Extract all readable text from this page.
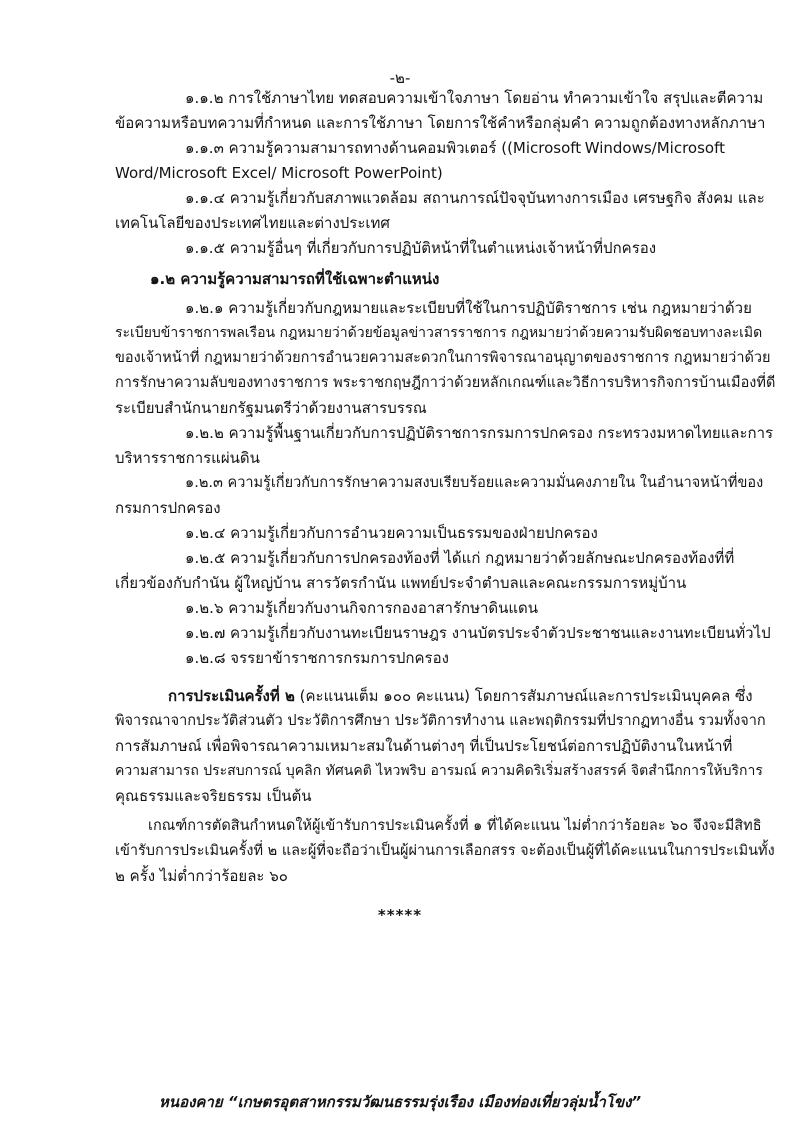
-๒-
๑.๑.๒ การใช้ภาษาไทย ทดสอบความเข้าใจภาษา โดยอ่าน ทำความเข้าใจ สรุปและตีความ
ข้อความหรือบทความที่กำหนด และการใช้ภาษา โดยการใช้คำหรือกลุ่มคำ ความถูกต้องทางหลักภาษา
๑.๑.๓ ความรู้ความสามารถทางด้านคอมพิวเตอร์ ((Microsoft Windows/Microsoft
Word/Microsoft Excel/ Microsoft PowerPoint)
๑.๑.๔ ความรู้เกี่ยวกับสภาพแวดล้อม สถานการณ์ปัจจุบันทางการเมือง เศรษฐกิจ สังคม และ
เทคโนโลยีของประเทศไทยและต่างประเทศ
๑.๑.๕ ความรู้อื่นๆ ที่เกี่ยวกับการปฏิบัติหน้าที่ในตำแหน่งเจ้าหน้าที่ปกครอง
๑.๒ ความรู้ความสามารถที่ใช้เฉพาะตำแหน่ง
๑.๒.๑ ความรู้เกี่ยวกับกฎหมายและระเบียบที่ใช้ในการปฏิบัติราชการ เช่น กฎหมายว่าด้วย
ระเบียบข้าราชการพลเรือน กฎหมายว่าด้วยข้อมูลข่าวสารราชการ กฎหมายว่าด้วยความรับผิดชอบทางละเมิด
ของเจ้าหน้าที่ กฎหมายว่าด้วยการอำนวยความสะดวกในการพิจารณาอนุญาตของราชการ กฎหมายว่าด้วย
การรักษาความลับของทางราชการ พระราชกฤษฎีกาว่าด้วยหลักเกณฑ์และวิธีการบริหารกิจการบ้านเมืองที่ดี
ระเบียบสำนักนายกรัฐมนตรีว่าด้วยงานสารบรรณ
๑.๒.๒ ความรู้พื้นฐานเกี่ยวกับการปฏิบัติราชการกรมการปกครอง กระทรวงมหาดไทยและการ
บริหารราชการแผ่นดิน
๑.๒.๓ ความรู้เกี่ยวกับการรักษาความสงบเรียบร้อยและความมั่นคงภายใน ในอำนาจหน้าที่ของ
กรมการปกครอง
๑.๒.๔ ความรู้เกี่ยวกับการอำนวยความเป็นธรรมของฝ่ายปกครอง
๑.๒.๕ ความรู้เกี่ยวกับการปกครองท้องที่ ได้แก่ กฎหมายว่าด้วยลักษณะปกครองท้องที่ที่
เกี่ยวข้องกับกำนัน ผู้ใหญ่บ้าน สารวัตรกำนัน แพทย์ประจำตำบลและคณะกรรมการหมู่บ้าน
๑.๒.๖ ความรู้เกี่ยวกับงานกิจการกองอาสารักษาดินแดน
๑.๒.๗ ความรู้เกี่ยวกับงานทะเบียนราษฎร งานบัตรประจำตัวประชาชนและงานทะเบียนทั่วไป
๑.๒.๘ จรรยาข้าราชการกรมการปกครอง
การประเมินครั้งที่ ๒ (คะแนนเต็ม ๑๐๐ คะแนน) โดยการสัมภาษณ์และการประเมินบุคคล ซึ่ง
พิจารณาจากประวัติส่วนตัว ประวัติการศึกษา ประวัติการทำงาน และพฤติกรรมที่ปรากฏทางอื่น รวมทั้งจาก
การสัมภาษณ์ เพื่อพิจารณาความเหมาะสมในด้านต่างๆ ที่เป็นประโยชน์ต่อการปฏิบัติงานในหน้าที่
ความสามารถ ประสบการณ์ บุคลิก ทัศนคติ ไหวพริบ อารมณ์ ความคิดริเริ่มสร้างสรรค์ จิตสำนึกการให้บริการ
คุณธรรมและจริยธรรม เป็นต้น
เกณฑ์การตัดสินกำหนดให้ผู้เข้ารับการประเมินครั้งที่ ๑ ที่ได้คะแนน ไม่ต่ำกว่าร้อยละ ๖๐ จึงจะมีสิทธิ
เข้ารับการประเมินครั้งที่ ๒ และผู้ที่จะถือว่าเป็นผู้ผ่านการเลือกสรร จะต้องเป็นผู้ที่ได้คะแนนในการประเมินทั้ง
๒ ครั้ง ไม่ต่ำกว่าร้อยละ ๖๐
*****
หนองคาย “เกษตรอุตสาหกรรมวัฒนธรรมรุ่งเรือง เมืองท่องเที่ยวลุ่มน้ำโขง”
